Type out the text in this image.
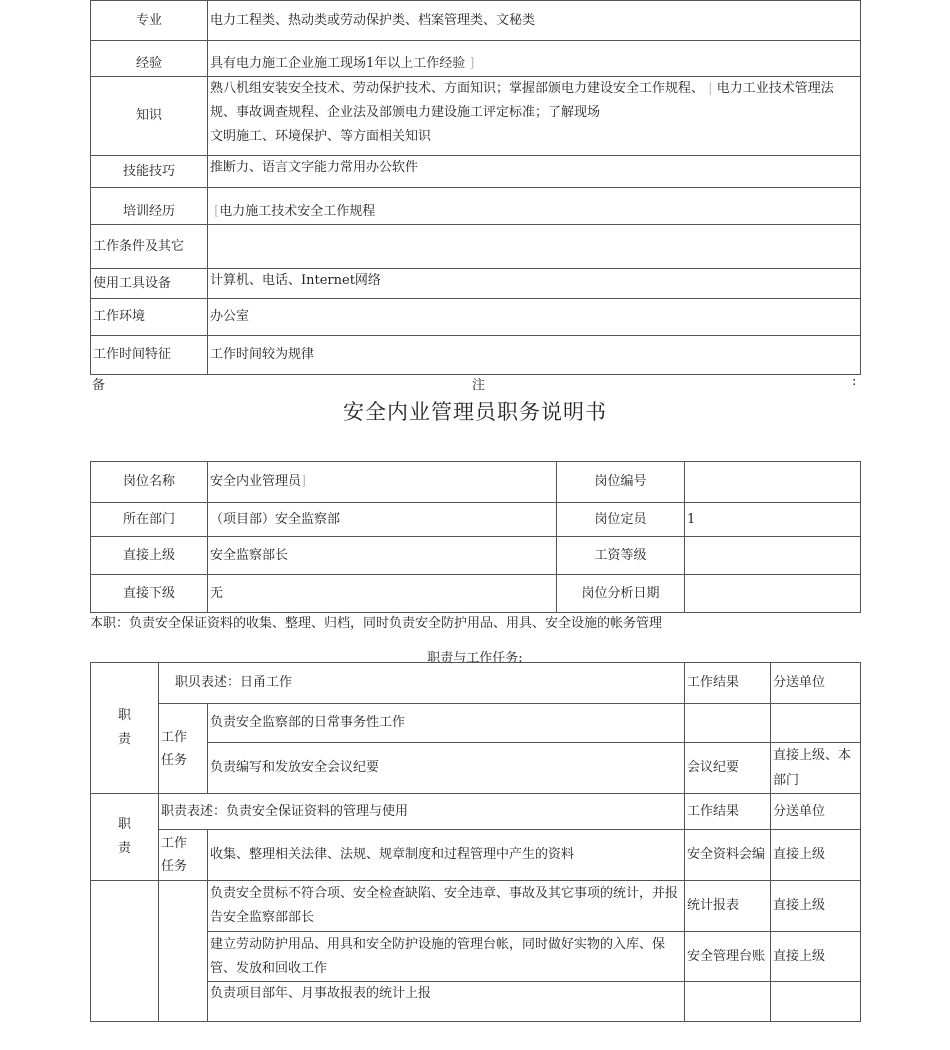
专业	电力工程类、热动类或劳动保护类、档案管理类、文秘类
经验	具有电力施工企业施工现场1年以上工作经验 ]
知识	熟八机组安装安全技术、劳动保护技术、方面知识；掌握部颁电力建设安全工作规程、 | 电力工业技术管理法
规、事故调查规程、企业法及部颁电力建设施工评定标准；了解现场
文明施工、环境保护、等方面相关知识

技能技巧	推断力、语言文字能力常用办公软件
培训经历	[电力施工技术安全工作规程
工作条件及其它	
使用工具设备	计算机、电话、Internet网络
工作环境	办公室
工作时间特征	工作时间较为规律
备	注	:
安全内业管理员职务说明书
岗位名称	安全内业管理员]	岗位编号	
所在部门	（项目部）安全监察部	岗位定员	1
直接上级	安全监察部长	工资等级	
直接下级	无	岗位分析日期	
本职：负责安全保证资料的收集、整理、归档，同时负责安全防护用品、用具、安全设施的帐务管理
职责与工作任务:
职
责	职贝表述：日甬工作		工作结果	分送单位

	工作
任务	负责安全监察部的日常事务性工作		
		负责编写和发放安全会议纪要	会议纪要	直接上级、本部门

职
责	职责表述：负责安全保证资料的管理与使用		工作结果	分送单位

	工作
任务	收集、整理相关法律、法规、规章制度和过程管理中产生的资料	安全资料会编	直接上级
		负责安全贯标不符合项、安全检查缺陷、安全违章、事故及其它事项的统计，并报告安全监察部部长	统计报表	直接上级
		建立劳动防护用品、用具和安全防护设施的管理台帐，同时做好实物的入库、保管、发放和回收工作	安全管理台账	直接上级
		负责项目部年、月事故报表的统计上报		
